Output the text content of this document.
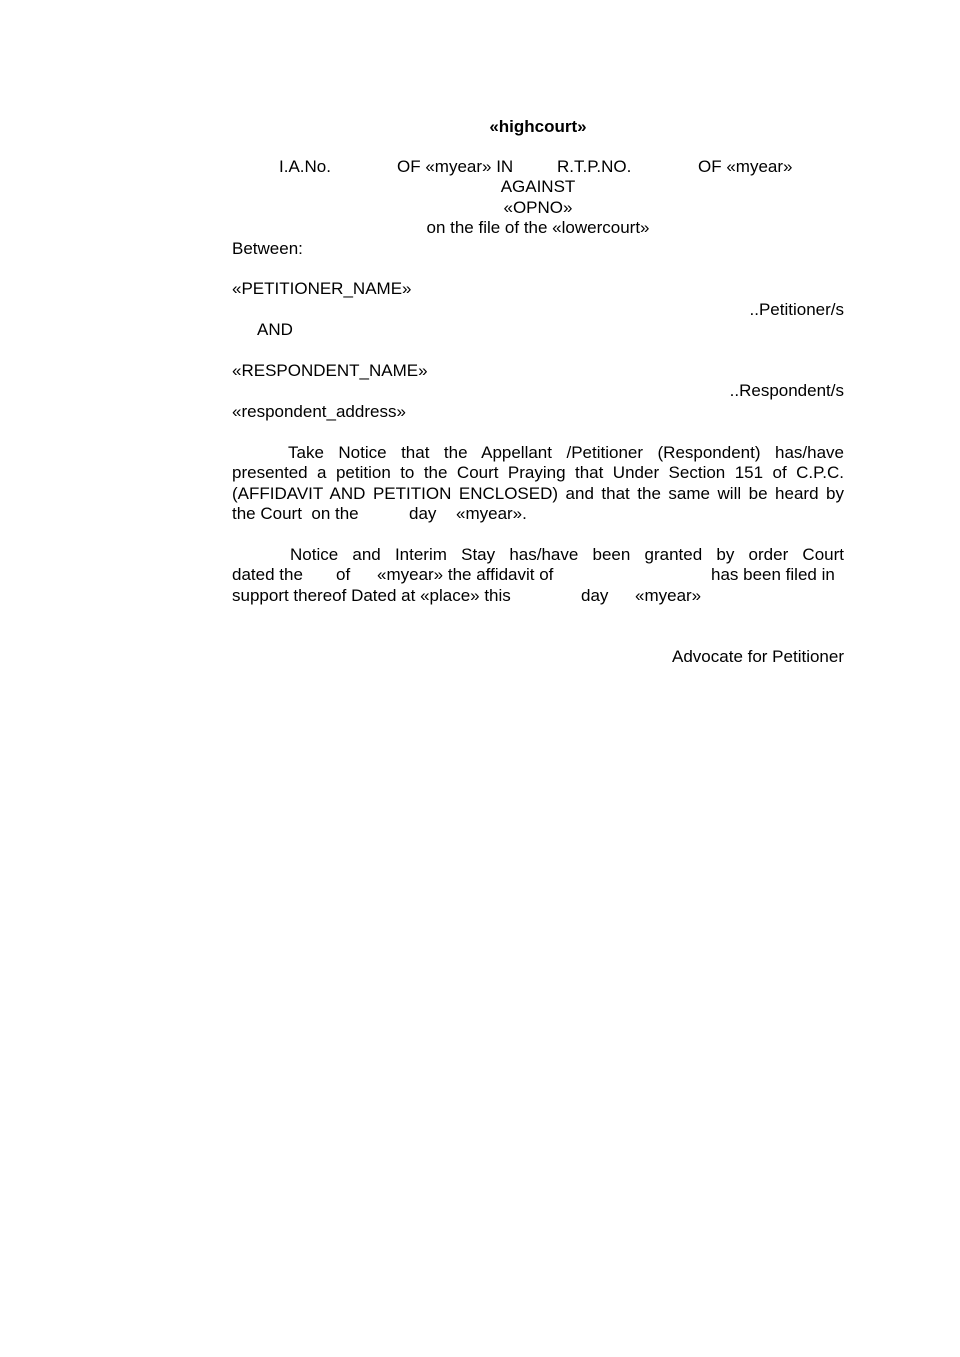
«highcourt»
I.A.No.	OF «myear» IN	R.T.P.NO.	OF «myear»
AGAINST
«OPNO»
on the file of the «lowercourt»
Between:
«PETITIONER_NAME»
..Petitioner/s
AND
«RESPONDENT_NAME»
..Respondent/s
«respondent_address»
Take Notice that the Appellant /Petitioner (Respondent) has/have
presented a petition to the Court Praying that Under Section 151 of C.P.C.
(AFFIDAVIT AND PETITION ENCLOSED) and that the same will be heard by
the Court  on the	day «myear».
Notice and Interim Stay has/have been granted by order Court
dated the of «myear» the affidavit of	has been filed in
support thereof Dated at «place» this	day «myear»
Advocate for Petitioner
